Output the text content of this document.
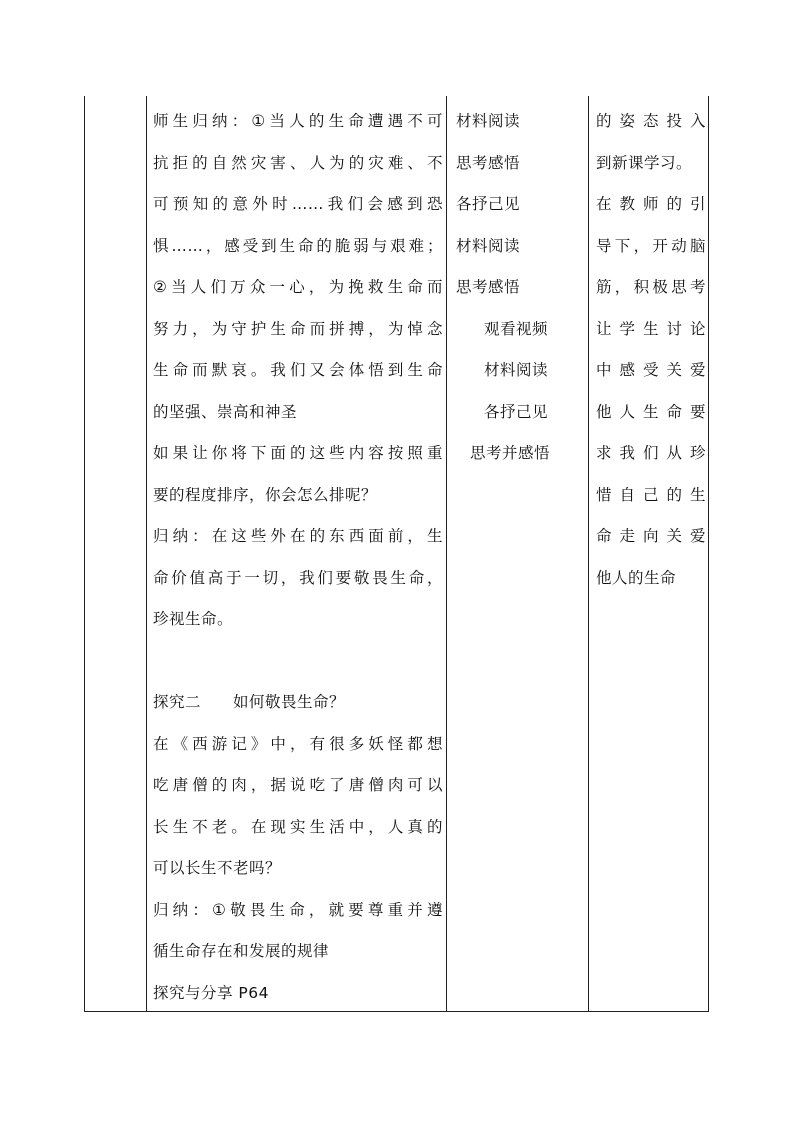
师生归纳：①当人的生命遭遇不可

抗拒的自然灾害、人为的灾难、不

可预知的意外时……我们会感到恐

惧……，感受到生命的脆弱与艰难；

②当人们万众一心，为挽救生命而

努力，为守护生命而拼搏，为悼念

生命而默哀。我们又会体悟到生命

的坚强、崇高和神圣

如果让你将下面的这些内容按照重

要的程度排序，你会怎么排呢？

归纳：在这些外在的东西面前，生

命价值高于一切，我们要敬畏生命，

珍视生命。

探究二　　如何敬畏生命？

在《西游记》中，有很多妖怪都想

吃唐僧的肉，据说吃了唐僧肉可以

长生不老。在现实生活中，人真的

可以长生不老吗？

归纳：①敬畏生命，就要尊重并遵

循生命存在和发展的规律

探究与分享 P64

材料阅读

思考感悟

各抒己见

材料阅读

思考感悟

观看视频

材料阅读

各抒己见

思考并感悟

的姿态投入

到新课学习。

在教师的引

导下，开动脑

筋，积极思考

让学生讨论

中感受关爱

他人生命要

求我们从珍

惜自己的生

命走向关爱

他人的生命
